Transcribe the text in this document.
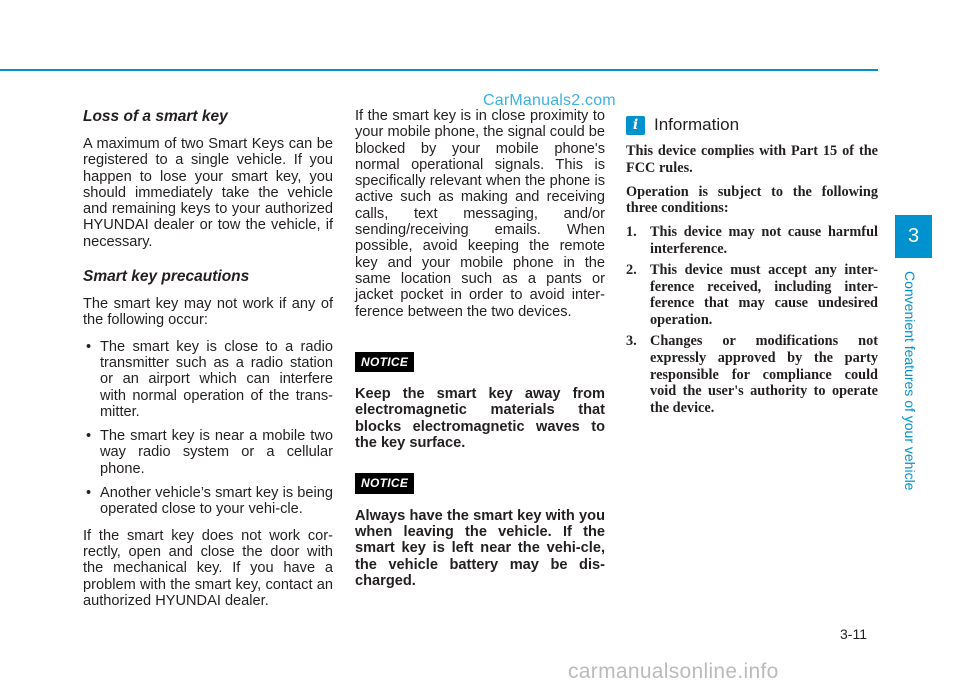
CarManuals2.com
Loss of a smart key

A maximum of two Smart Keys can be registered to a single vehicle. If you happen to lose your smart key, you should immediately take the vehicle and remaining keys to your authorized HYUNDAI dealer or tow the vehicle, if necessary.

Smart key precautions

The smart key may not work if any of the following occur:

• The smart key is close to a radio transmitter such as a radio station or an airport which can interfere with normal operation of the trans-mitter.
• The smart key is near a mobile two way radio system or a cellular phone.
• Another vehicle’s smart key is being operated close to your vehi-cle.

If the smart key does not work cor-rectly, open and close the door with the mechanical key. If you have a problem with the smart key, contact an authorized HYUNDAI dealer.

If the smart key is in close proximity to your mobile phone, the signal could be blocked by your mobile phone's normal operational signals. This is specifically relevant when the phone is active such as making and receiving calls, text messaging, and/or sending/receiving emails. When possible, avoid keeping the remote key and your mobile phone in the same location such as a pants or jacket pocket in order to avoid inter-ference between the two devices.

NOTICE
Keep the smart key away from electromagnetic materials that blocks electromagnetic waves to the key surface.
NOTICE
Always have the smart key with you when leaving the vehicle. If the smart key is left near the vehi-cle, the vehicle battery may be dis-charged.
i Information

This device complies with Part 15 of the FCC rules.

Operation is subject to the following three conditions:

1. This device may not cause harmful interference.
2. This device must accept any inter-ference received, including inter-ference that may cause undesired operation.
3. Changes or modifications not expressly approved by the party responsible for compliance could void the user's authority to operate the device.
3
Convenient features of your vehicle
3-11
carmanualsonline.info
